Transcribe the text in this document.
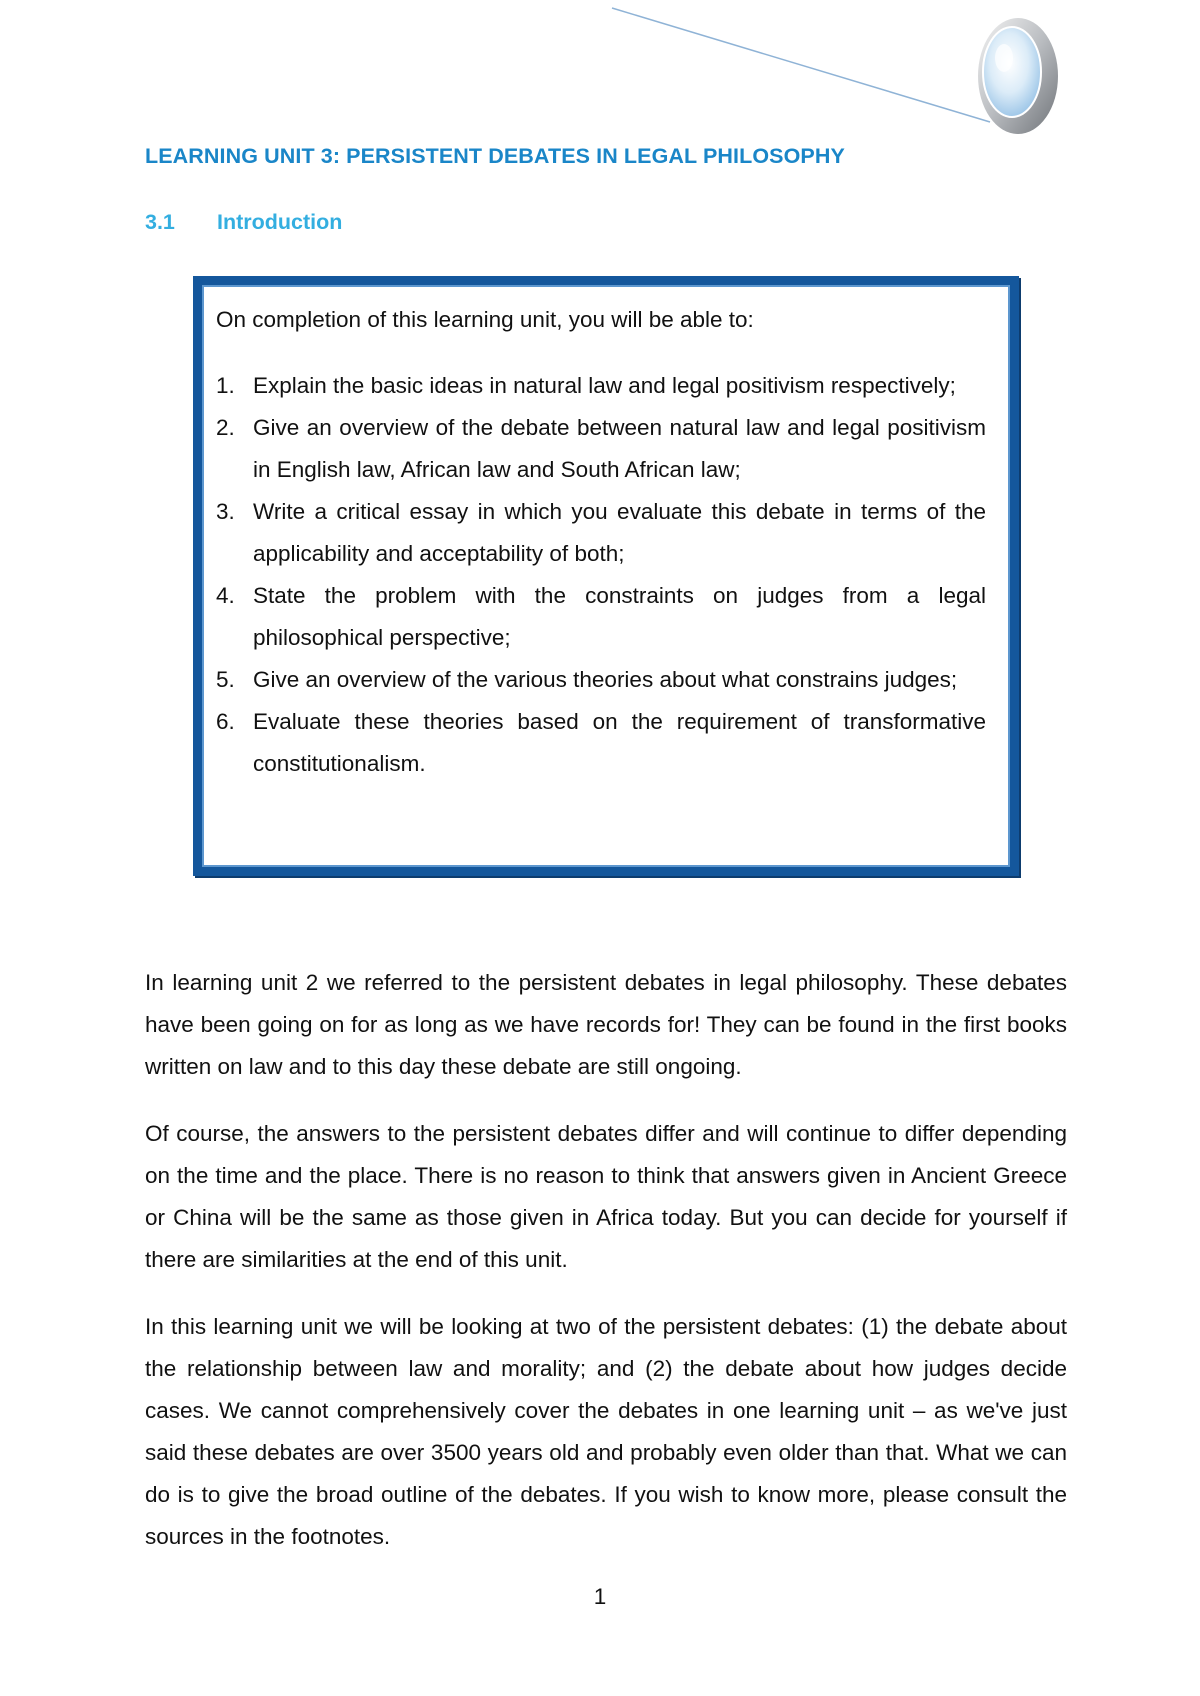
LEARNING UNIT 3: PERSISTENT DEBATES IN LEGAL PHILOSOPHY
3.1 Introduction

On completion of this learning unit, you will be able to:

1. Explain the basic ideas in natural law and legal positivism respectively;
2. Give an overview of the debate between natural law and legal positivism in English law, African law and South African law;
3. Write a critical essay in which you evaluate this debate in terms of the applicability and acceptability of both;
4. State the problem with the constraints on judges from a legal philosophical perspective;
5. Give an overview of the various theories about what constrains judges;
6. Evaluate these theories based on the requirement of transformative constitutionalism.

In learning unit 2 we referred to the persistent debates in legal philosophy. These debates have been going on for as long as we have records for! They can be found in the first books written on law and to this day these debate are still ongoing.

Of course, the answers to the persistent debates differ and will continue to differ depending on the time and the place. There is no reason to think that answers given in Ancient Greece or China will be the same as those given in Africa today. But you can decide for yourself if there are similarities at the end of this unit.

In this learning unit we will be looking at two of the persistent debates: (1) the debate about the relationship between law and morality; and (2) the debate about how judges decide cases. We cannot comprehensively cover the debates in one learning unit – as we've just said these debates are over 3500 years old and probably even older than that. What we can do is to give the broad outline of the debates. If you wish to know more, please consult the sources in the footnotes.

1
